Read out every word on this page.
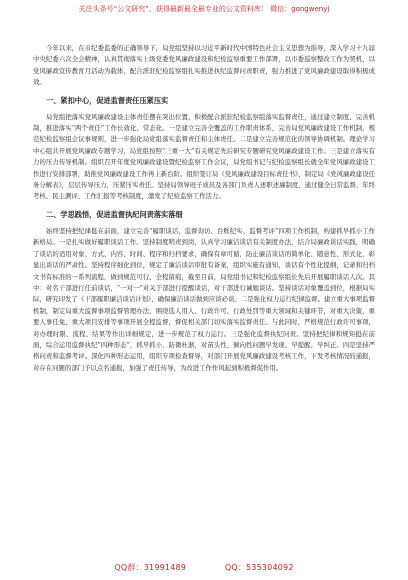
关注头条号“公文研究”，获得最新最全最专业的公文资料库！ 微信：gongwenyj

今年以来，在市纪委监委的正确领导下，局党组坚持以习近平新时代中国特色社会主义思想为指导，深入学习十九届中央纪委六次全会精神，认真贯彻落实上级党委党风廉政建设和纪检监察重要工作部署，以市委巡察整改工作为契机，以党风廉政宣传教育月活动为载体，配合派驻纪检监察组扎实推进执纪监督问责职责，强力推进了党风廉政建设取得积极成效。

一、紧扣中心，促进监督责任压紧压实

局党组把落实党风廉政建设主体责任摆在突出位置，积极配合派驻纪检监察组落实监督责任，通过建立制度、完善机制，推进落实“两个责任”工作长效化、常态化。一是建立完善全覆盖的工作职责体系，完善局党风廉政建设工作机制，规范纪检监察组会议事规则，进一步强化局党组落实监督责任和主体责任。二是建立完善规范化的领导协调机制。理论学习中心组共开展党风廉政专题学习，局党组按照“三重一大”有关规定先后研究专题研究党风廉政建设工作。三是建立落实有力的压力传导机制。组织召开年度党风廉政建设暨纪检监察工作会议，局党组书记与纪检监察组长就全年党风廉政建设工作进行安排部署，助推党风廉政建设工作再上新台阶。组织签订局《党风廉政建设目标责任书》，制定局《党风廉政建设任务分解表》，层层传导压力，压紧压实责任。坚持局领导班子成员及各部门负责人述职述廉制度，通过健全日常监督、年终考核、民主测评、工作汇报等考核制度，激发了纪检监察工作活力。

二、学思践悟，促进监督执纪问责落实落细

始终坚持把纪律挺在前面，建立完善“履职谈话、监督询访、台账纪实、监督考评”四项工作机制，构建抓早抓小工作新格局。一是扎实做好履职谈话工作。坚持制度明责到岗，认真学习廉洁谈话有关制度办法，结合局廉政谈话实践，明确了谈话的适用对象、方式、内容、时间、程序和归档要求，确保有章可循，防止廉洁谈话的简单化、随意性、形式化，彰显出谈话的严肃性。坚持程序细化到位，规定了廉洁谈话审批有备案，组织实施有通知，谈话有个性化提纲，记录和归档文书有标准的一系列流程，做到规范可行、全程留痕，截至目前，局党组书记和纪检监察组长先后开展履职谈话人次。其中：对名干部进行任前谈话，“一对一”对关于部进行提醒谈话，对干部进行诫勉谈话。坚持谈话对象覆盖到位，根据局实际，研究印发了《干部履职廉洁谈话计划》，确保廉洁谈话做到应谈必谈。二是强化权力运行纪律监督。建立重大事项监督机制，制定局重大监督事项监督管理办法，围绕选人用人、行政许可、行政处罚等重大领域和关键环节，对重大决策、重要人事任免、重大项目安排等事项开展全程监督，督促相关部门切实落实监督责任。与此同时，严格规范行政许可事项，对办理时限、流程、结果等作出详细规定，进一步规范了权力运行。三是强化监督执纪问责。坚持把纪律和规矩挺在前面，综合运用监督执纪“四种形态”，抓早抓小、防微杜渐，对苗头性、倾向性问题早发现、早提醒、早纠正。四是坚持严格问责和监督考评。深化四种形态运用，组织专项检查督导，对部门开展党风廉政建设考核工作，下发考核情况的通报，对存在问题的部门予以点名通报，加强了责任传导，为改进工作作风起到积极督促作用。

QQ群：31991489	QQ：535304092
